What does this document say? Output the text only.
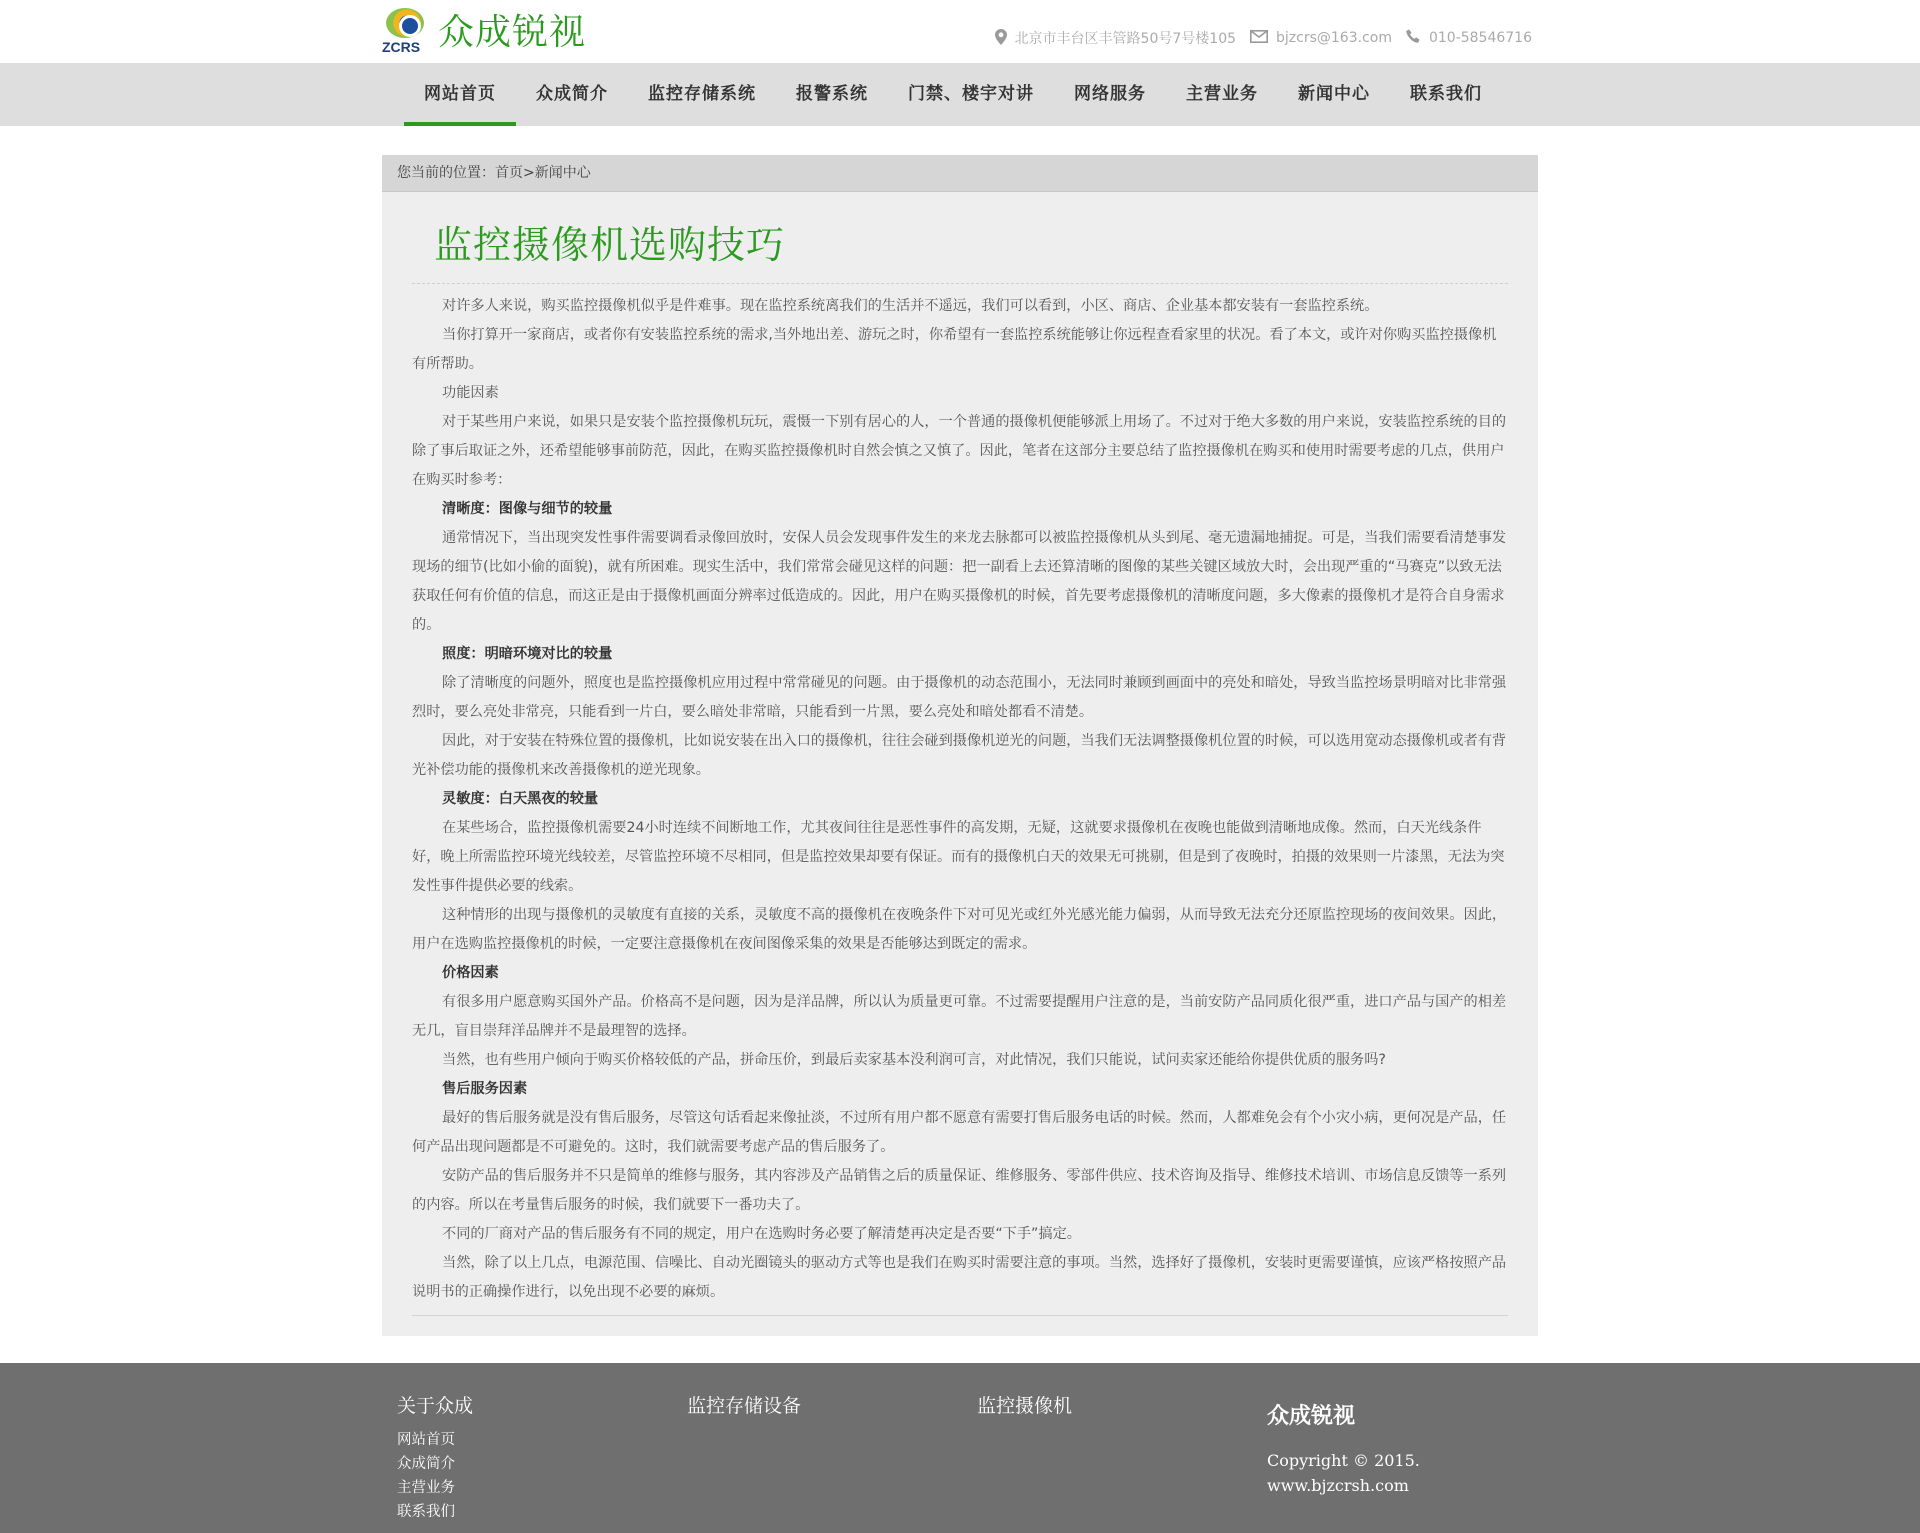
ZCRS 众成锐视	北京市丰台区丰管路50号7号楼105	bjzcrs@163.com	010-58546716
网站首页	众成简介	监控存储系统	报警系统	门禁、楼宇对讲	网络服务	主营业务	新闻中心	联系我们
您当前的位置：首页>新闻中心
监控摄像机选购技巧

对许多人来说，购买监控摄像机似乎是件难事。现在监控系统离我们的生活并不遥远，我们可以看到，小区、商店、企业基本都安装有一套监控系统。

当你打算开一家商店，或者你有安装监控系统的需求,当外地出差、游玩之时，你希望有一套监控系统能够让你远程查看家里的状况。看了本文，或许对你购买监控摄像机有所帮助。

功能因素

对于某些用户来说，如果只是安装个监控摄像机玩玩，震慑一下别有居心的人，一个普通的摄像机便能够派上用场了。不过对于绝大多数的用户来说，安装监控系统的目的除了事后取证之外，还希望能够事前防范，因此，在购买监控摄像机时自然会慎之又慎了。因此，笔者在这部分主要总结了监控摄像机在购买和使用时需要考虑的几点，供用户在购买时参考：

清晰度：图像与细节的较量

通常情况下，当出现突发性事件需要调看录像回放时，安保人员会发现事件发生的来龙去脉都可以被监控摄像机从头到尾、毫无遗漏地捕捉。可是，当我们需要看清楚事发现场的细节(比如小偷的面貌)，就有所困难。现实生活中，我们常常会碰见这样的问题：把一副看上去还算清晰的图像的某些关键区域放大时，会出现严重的“马赛克”以致无法获取任何有价值的信息，而这正是由于摄像机画面分辨率过低造成的。因此，用户在购买摄像机的时候，首先要考虑摄像机的清晰度问题，多大像素的摄像机才是符合自身需求的。

照度：明暗环境对比的较量

除了清晰度的问题外，照度也是监控摄像机应用过程中常常碰见的问题。由于摄像机的动态范围小，无法同时兼顾到画面中的亮处和暗处，导致当监控场景明暗对比非常强烈时，要么亮处非常亮，只能看到一片白，要么暗处非常暗，只能看到一片黑，要么亮处和暗处都看不清楚。

因此，对于安装在特殊位置的摄像机，比如说安装在出入口的摄像机，往往会碰到摄像机逆光的问题，当我们无法调整摄像机位置的时候，可以选用宽动态摄像机或者有背光补偿功能的摄像机来改善摄像机的逆光现象。

灵敏度：白天黑夜的较量

在某些场合，监控摄像机需要24小时连续不间断地工作，尤其夜间往往是恶性事件的高发期，无疑，这就要求摄像机在夜晚也能做到清晰地成像。然而，白天光线条件好，晚上所需监控环境光线较差，尽管监控环境不尽相同，但是监控效果却要有保证。而有的摄像机白天的效果无可挑剔，但是到了夜晚时，拍摄的效果则一片漆黑，无法为突发性事件提供必要的线索。

这种情形的出现与摄像机的灵敏度有直接的关系，灵敏度不高的摄像机在夜晚条件下对可见光或红外光感光能力偏弱，从而导致无法充分还原监控现场的夜间效果。因此，用户在选购监控摄像机的时候，一定要注意摄像机在夜间图像采集的效果是否能够达到既定的需求。

价格因素

有很多用户愿意购买国外产品。价格高不是问题，因为是洋品牌，所以认为质量更可靠。不过需要提醒用户注意的是，当前安防产品同质化很严重，进口产品与国产的相差无几，盲目崇拜洋品牌并不是最理智的选择。

当然，也有些用户倾向于购买价格较低的产品，拼命压价，到最后卖家基本没利润可言，对此情况，我们只能说，试问卖家还能给你提供优质的服务吗?

售后服务因素

最好的售后服务就是没有售后服务，尽管这句话看起来像扯淡，不过所有用户都不愿意有需要打售后服务电话的时候。然而，人都难免会有个小灾小病，更何况是产品，任何产品出现问题都是不可避免的。这时，我们就需要考虑产品的售后服务了。

安防产品的售后服务并不只是简单的维修与服务，其内容涉及产品销售之后的质量保证、维修服务、零部件供应、技术咨询及指导、维修技术培训、市场信息反馈等一系列的内容。所以在考量售后服务的时候，我们就要下一番功夫了。

不同的厂商对产品的售后服务有不同的规定，用户在选购时务必要了解清楚再决定是否要“下手”搞定。

当然，除了以上几点，电源范围、信噪比、自动光圈镜头的驱动方式等也是我们在购买时需要注意的事项。当然，选择好了摄像机，安装时更需要谨慎，应该严格按照产品说明书的正确操作进行，以免出现不必要的麻烦。

关于众成
网站首页
众成简介
主营业务
联系我们
监控存储设备	监控摄像机	众成锐视
Copyright © 2015.
www.bjzcrsh.com
